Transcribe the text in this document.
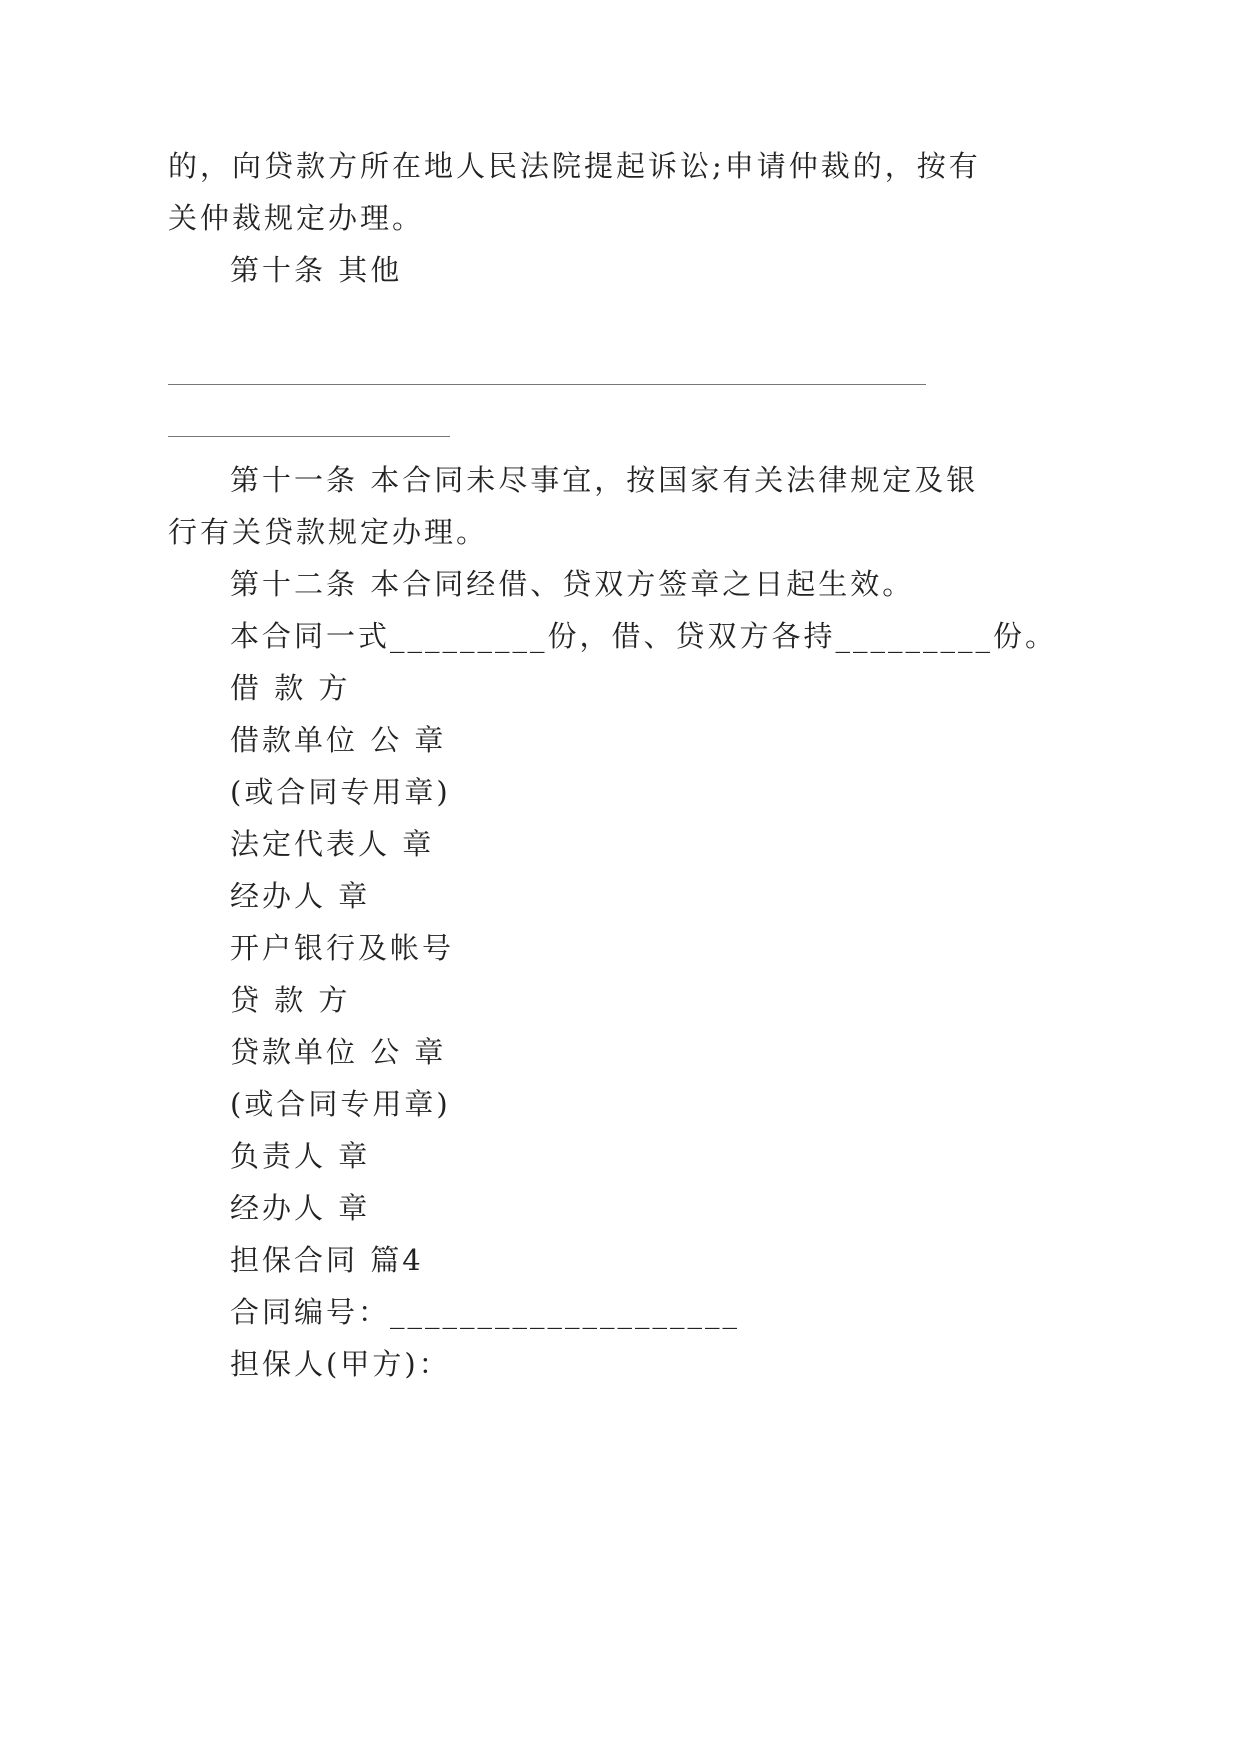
的，向贷款方所在地人民法院提起诉讼;申请仲裁的，按有

关仲裁规定办理。

第十条 其他

第十一条 本合同未尽事宜，按国家有关法律规定及银

行有关贷款规定办理。

第十二条 本合同经借、贷双方签章之日起生效。

本合同一式_________份，借、贷双方各持_________份。

借 款 方

借款单位 公 章

(或合同专用章)

法定代表人 章

经办人 章

开户银行及帐号

贷 款 方

贷款单位 公 章

(或合同专用章)

负责人 章

经办人 章

担保合同 篇4

合同编号：____________________

担保人(甲方)：
